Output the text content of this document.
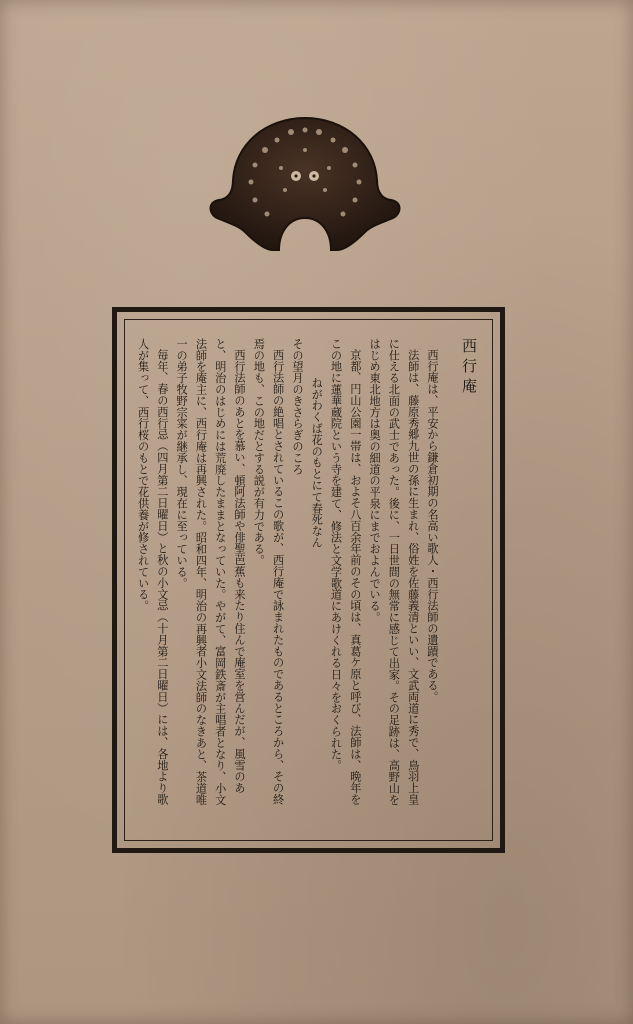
西行庵

西行庵は、平安から鎌倉初期の名高い歌人・西行法師の遺蹟である。

法師は、藤原秀郷九世の孫に生まれ、俗姓を佐藤義清といい、文武両道に秀で、鳥羽上皇に仕える北面の武士であった。後に、一日世間の無常に感じて出家。その足跡は、高野山をはじめ東北地方は奥の細道の平泉にまでおよんでいる。

京都、円山公園一帯は、およそ八百余年前のその頃は、真葛ケ原と呼び、法師は、晩年をこの地に蓮華蔵院という寺を建て、修法と文学歌道にあけくれる日々をおくられた。

ねがわくば花のもとにて春死なん

その望月のきさらぎのころ

西行法師の絶唱とされているこの歌が、西行庵で詠まれたものであるところから、その終焉の地も、この地だとする説が有力である。

西行法師のあとを慕い、頓阿法師や俳聖芭蕉も来たり住んで庵室を営んだが、風雪のあと、明治のはじめには荒廃したままとなっていた。やがて、富岡鉄斎が主唱者となり、小文法師を庵主に、西行庵は再興された。昭和四年、明治の再興者小文法師のなきあと、茶道唯一の弟子牧野宗寀が継承し、現在に至っている。

毎年、春の西行忌（四月第二日曜日）と秋の小文忌（十月第二日曜日）には、各地より歌人が集って、西行桜のもとで花供養が修されている。
